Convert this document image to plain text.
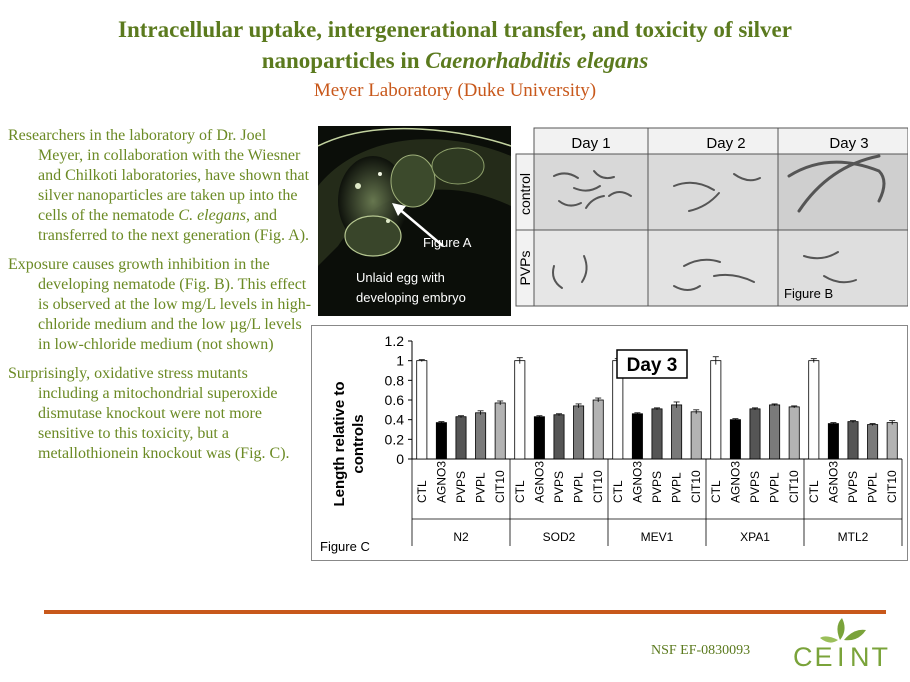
Intracellular uptake, intergenerational transfer, and toxicity of silver
nanoparticles in Caenorhabditis elegans
Meyer Laboratory (Duke University)

Researchers in the laboratory of Dr. Joel Meyer, in collaboration with the Wiesner and Chilkoti laboratories, have shown that silver nanoparticles are taken up into the cells of the nematode C. elegans, and transferred to the next generation (Fig. A).

Exposure causes growth inhibition in the developing nematode (Fig. B). This effect is observed at the low mg/L levels in high-chloride medium and the low µg/L levels in low-chloride medium (not shown)

Surprisingly, oxidative stress mutants including a mitochondrial superoxide dismutase knockout were not more sensitive to this toxicity, but a metallothionein knockout was (Fig. C).

Figure A
Unlaid egg with
developing embryo
Day 1	Day 2	Day 3
control
PVPs
Figure B
Length relative to controls 0
0.2
0.4
0.6
0.8
1
1.2
CTL AGNO3 PVPS PVPL CIT10
N2
CTL AGNO3 PVPS PVPL CIT10
SOD2
CTL AGNO3 PVPS PVPL CIT10
MEV1
CTL AGNO3 PVPS PVPL CIT10
XPA1
CTL AGNO3 PVPS PVPL CIT10
MTL2
Day 3
Figure C
NSF EF-0830093 CE I NT
